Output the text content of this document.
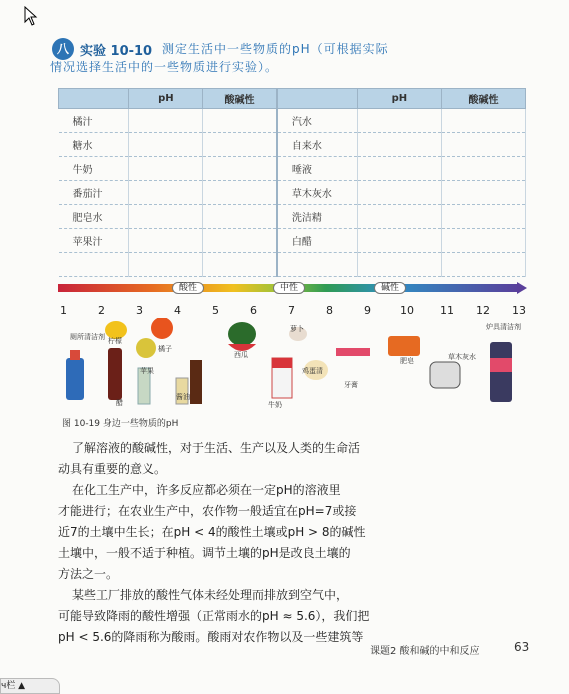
八 实验 10-10 测定生活中一些物质的pH（可根据实际
情况选择生活中的一些物质进行实验）。
	pH	酸碱性		pH	酸碱性
橘汁			汽水		
糖水			自来水		
牛奶			唾液		
番茄汁			草木灰水		
肥皂水			洗洁精		
苹果汁			白醋		

酸性	中性	碱性
1	2	3	4	5	6	7	8	9	10 11 12 13
厕所清洁剂 柠檬
橘子
苹果
醋
酱油
西瓜
萝卜
鸡蛋清
牛奶
牙膏
肥皂	草木灰水
炉具清洁剂
图 10-19 身边一些物质的pH
了解溶液的酸碱性，对于生活、生产以及人类的生命活
动具有重要的意义。
在化工生产中，许多反应都必须在一定pH的溶液里
才能进行；在农业生产中，农作物一般适宜在pH=7或接
近7的土壤中生长；在pH < 4的酸性土壤或pH > 8的碱性
土壤中，一般不适于种植。调节土壤的pH是改良土壤的
方法之一。
某些工厂排放的酸性气体未经处理而排放到空气中，
可能导致降雨的酸性增强（正常雨水的pH ≈ 5.6），我们把
pH < 5.6的降雨称为酸雨。酸雨对农作物以及一些建筑等
课题2 酸和碱的中和反应	63
ч栏 ▲
